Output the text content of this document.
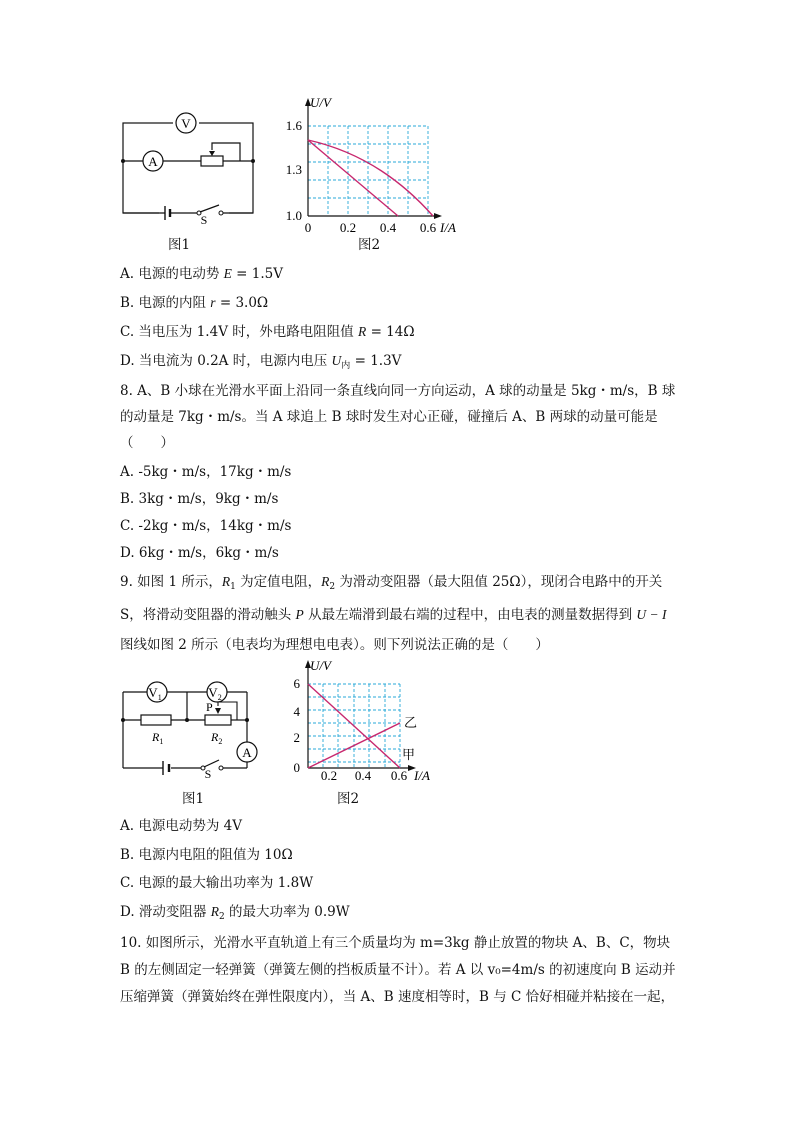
V
A
S
图1
U/V
1.6
1.3
1.0
0 0.2 0.4 0.6 I/A
图2
A. 电源的电动势 E = 1.5V
B. 电源的内阻 r = 3.0Ω
C. 当电压为 1.4V 时，外电路电阻阻值 R = 14Ω
D. 当电流为 0.2A 时，电源内电压 $U_内 = 1.3V$
8. A、B 小球在光滑水平面上沿同一条直线向同一方向运动，A 球的动量是 5kg・m/s，B 球
的动量是 7kg・m/s。当 A 球追上 B 球时发生对心正碰，碰撞后 A、B 两球的动量可能是
（　　）
A. -5kg・m/s，17kg・m/s
B. 3kg・m/s，9kg・m/s
C. -2kg・m/s，14kg・m/s
D. 6kg・m/s，6kg・m/s
9. 如图 1 所示，$R_1$ 为定值电阻，$R_2$ 为滑动变阻器（最大阻值 25Ω），现闭合电路中的开关
S，将滑动变阻器的滑动触头 P 从最左端滑到最右端的过程中，由电表的测量数据得到 U − I
图线如图 2 所示（电表均为理想电电表）。则下列说法正确的是（　　）
$V_1$	$V_2$
P
$R_1$	$R_2$
A
S
图1
U/V
6
4
2
0
0.2 0.4 0.6 I/A
乙
甲
图2
A. 电源电动势为 4V
B. 电源内电阻的阻值为 10Ω
C. 电源的最大输出功率为 1.8W
D. 滑动变阻器 $R_2$ 的最大功率为 0.9W
10. 如图所示，光滑水平直轨道上有三个质量均为 m=3kg 静止放置的物块 A、B、C，物块
B 的左侧固定一轻弹簧（弹簧左侧的挡板质量不计）。若 A 以 v₀=4m/s 的初速度向 B 运动并
压缩弹簧（弹簧始终在弹性限度内），当 A、B 速度相等时，B 与 C 恰好相碰并粘接在一起，
